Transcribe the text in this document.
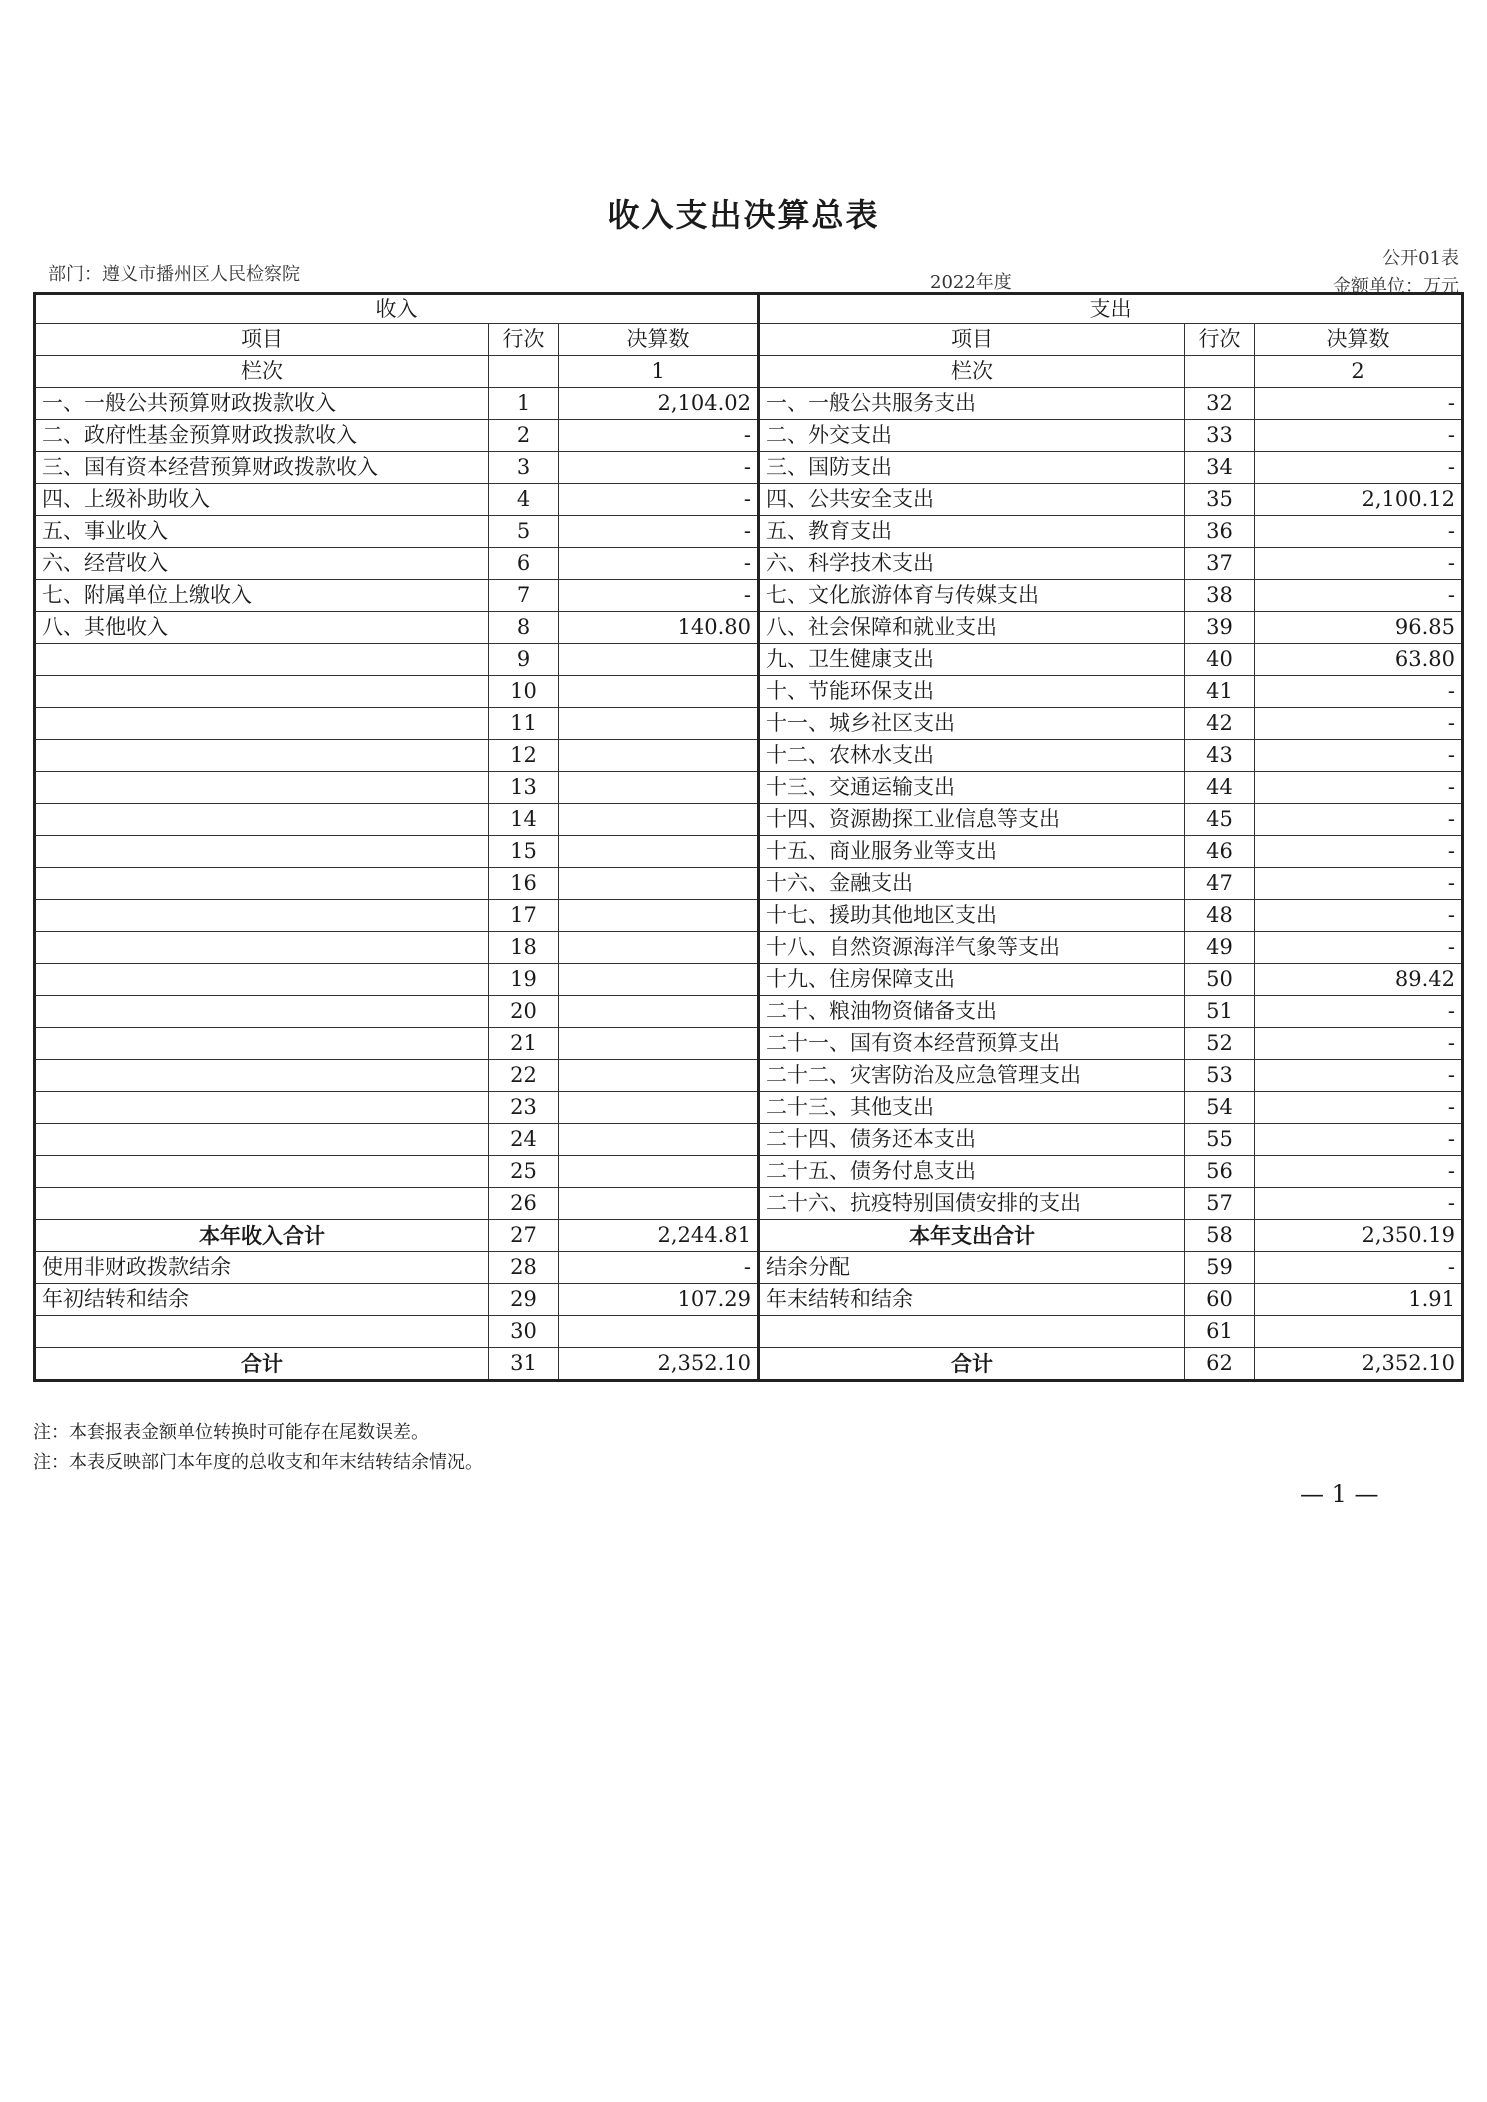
收入支出决算总表
部门：遵义市播州区人民检察院	2022年度
公开01表
金额单位：万元
收入			支出		
项目	行次	决算数	项目	行次	决算数
栏次		1	栏次		2
一、一般公共预算财政拨款收入	1	2,104.02	一、一般公共服务支出	32	-
二、政府性基金预算财政拨款收入	2	-	二、外交支出	33	-
三、国有资本经营预算财政拨款收入	3	-	三、国防支出	34	-
四、上级补助收入	4	-	四、公共安全支出	35	2,100.12
五、事业收入	5	-	五、教育支出	36	-
六、经营收入	6	-	六、科学技术支出	37	-
七、附属单位上缴收入	7	-	七、文化旅游体育与传媒支出	38	-
八、其他收入	8	140.80	八、社会保障和就业支出	39	96.85
	9		九、卫生健康支出	40	63.80
	10		十、节能环保支出	41	-
	11		十一、城乡社区支出	42	-
	12		十二、农林水支出	43	-
	13		十三、交通运输支出	44	-
	14		十四、资源勘探工业信息等支出	45	-
	15		十五、商业服务业等支出	46	-
	16		十六、金融支出	47	-
	17		十七、援助其他地区支出	48	-
	18		十八、自然资源海洋气象等支出	49	-
	19		十九、住房保障支出	50	89.42
	20		二十、粮油物资储备支出	51	-
	21		二十一、国有资本经营预算支出	52	-
	22		二十二、灾害防治及应急管理支出	53	-
	23		二十三、其他支出	54	-
	24		二十四、债务还本支出	55	-
	25		二十五、债务付息支出	56	-
	26		二十六、抗疫特别国债安排的支出	57	-
本年收入合计	27	2,244.81	本年支出合计	58	2,350.19
使用非财政拨款结余	28	-	结余分配	59	-
年初结转和结余	29	107.29	年末结转和结余	60	1.91
	30			61	
合计	31	2,352.10	合计	62	2,352.10
注：本套报表金额单位转换时可能存在尾数误差。
注：本表反映部门本年度的总收支和年末结转结余情况。
— 1 —
